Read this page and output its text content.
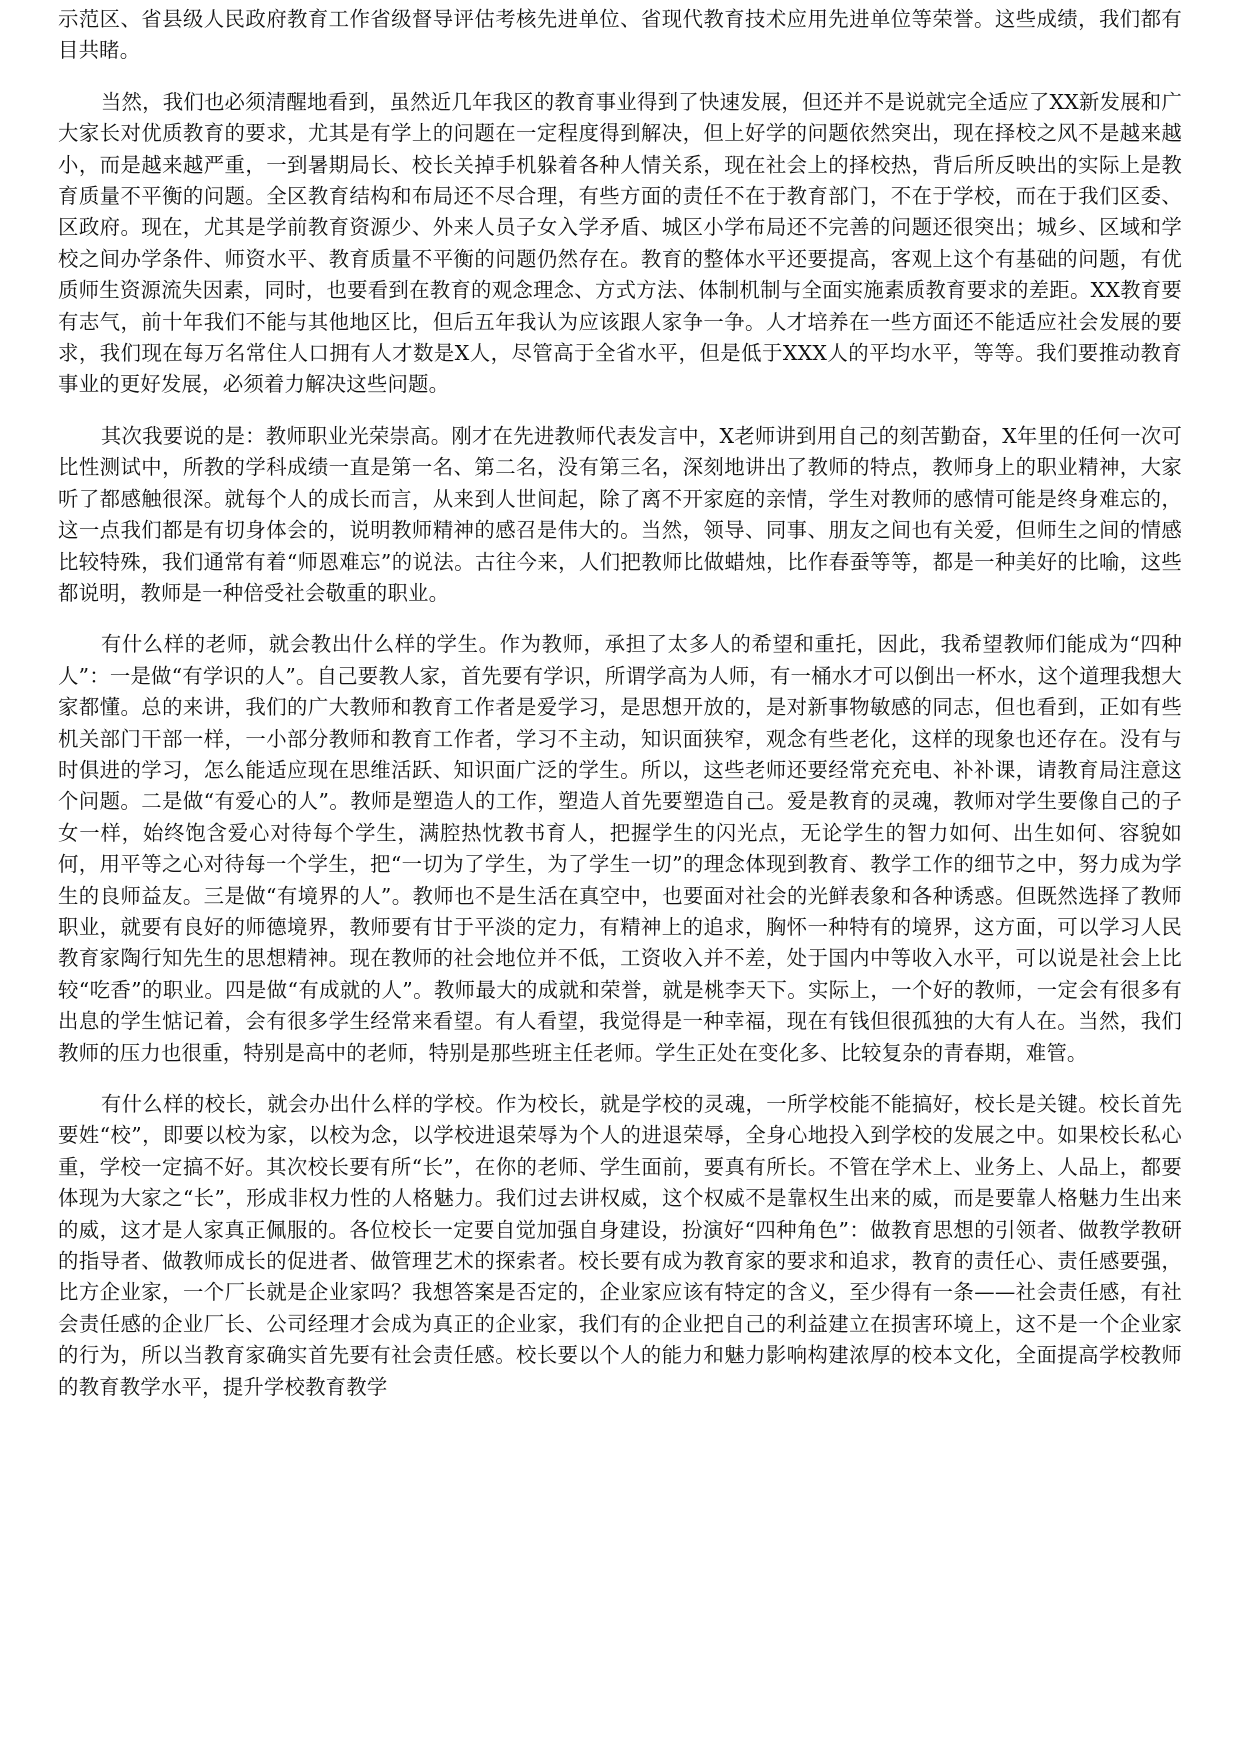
示范区、省县级人民政府教育工作省级督导评估考核先进单位、省现代教育技术应用先进单位等荣誉。这些成绩，我们都有目共睹。

当然，我们也必须清醒地看到，虽然近几年我区的教育事业得到了快速发展，但还并不是说就完全适应了XX新发展和广大家长对优质教育的要求，尤其是有学上的问题在一定程度得到解决，但上好学的问题依然突出，现在择校之风不是越来越小，而是越来越严重，一到暑期局长、校长关掉手机躲着各种人情关系，现在社会上的择校热，背后所反映出的实际上是教育质量不平衡的问题。全区教育结构和布局还不尽合理，有些方面的责任不在于教育部门，不在于学校，而在于我们区委、区政府。现在，尤其是学前教育资源少、外来人员子女入学矛盾、城区小学布局还不完善的问题还很突出；城乡、区域和学校之间办学条件、师资水平、教育质量不平衡的问题仍然存在。教育的整体水平还要提高，客观上这个有基础的问题，有优质师生资源流失因素，同时，也要看到在教育的观念理念、方式方法、体制机制与全面实施素质教育要求的差距。XX教育要有志气，前十年我们不能与其他地区比，但后五年我认为应该跟人家争一争。人才培养在一些方面还不能适应社会发展的要求，我们现在每万名常住人口拥有人才数是X人，尽管高于全省水平，但是低于XXX人的平均水平，等等。我们要推动教育事业的更好发展，必须着力解决这些问题。

其次我要说的是：教师职业光荣崇高。刚才在先进教师代表发言中，X老师讲到用自己的刻苦勤奋，X年里的任何一次可比性测试中，所教的学科成绩一直是第一名、第二名，没有第三名，深刻地讲出了教师的特点，教师身上的职业精神，大家听了都感触很深。就每个人的成长而言，从来到人世间起，除了离不开家庭的亲情，学生对教师的感情可能是终身难忘的，这一点我们都是有切身体会的，说明教师精神的感召是伟大的。当然，领导、同事、朋友之间也有关爱，但师生之间的情感比较特殊，我们通常有着“师恩难忘”的说法。古往今来，人们把教师比做蜡烛，比作春蚕等等，都是一种美好的比喻，这些都说明，教师是一种倍受社会敬重的职业。

有什么样的老师，就会教出什么样的学生。作为教师，承担了太多人的希望和重托，因此，我希望教师们能成为“四种人”：一是做“有学识的人”。自己要教人家，首先要有学识，所谓学高为人师，有一桶水才可以倒出一杯水，这个道理我想大家都懂。总的来讲，我们的广大教师和教育工作者是爱学习，是思想开放的，是对新事物敏感的同志，但也看到，正如有些机关部门干部一样，一小部分教师和教育工作者，学习不主动，知识面狭窄，观念有些老化，这样的现象也还存在。没有与时俱进的学习，怎么能适应现在思维活跃、知识面广泛的学生。所以，这些老师还要经常充充电、补补课，请教育局注意这个问题。二是做“有爱心的人”。教师是塑造人的工作，塑造人首先要塑造自己。爱是教育的灵魂，教师对学生要像自己的子女一样，始终饱含爱心对待每个学生，满腔热忱教书育人，把握学生的闪光点，无论学生的智力如何、出生如何、容貌如何，用平等之心对待每一个学生，把“一切为了学生，为了学生一切”的理念体现到教育、教学工作的细节之中，努力成为学生的良师益友。三是做“有境界的人”。教师也不是生活在真空中，也要面对社会的光鲜表象和各种诱惑。但既然选择了教师职业，就要有良好的师德境界，教师要有甘于平淡的定力，有精神上的追求，胸怀一种特有的境界，这方面，可以学习人民教育家陶行知先生的思想精神。现在教师的社会地位并不低，工资收入并不差，处于国内中等收入水平，可以说是社会上比较“吃香”的职业。四是做“有成就的人”。教师最大的成就和荣誉，就是桃李天下。实际上，一个好的教师，一定会有很多有出息的学生惦记着，会有很多学生经常来看望。有人看望，我觉得是一种幸福，现在有钱但很孤独的大有人在。当然，我们教师的压力也很重，特别是高中的老师，特别是那些班主任老师。学生正处在变化多、比较复杂的青春期，难管。

有什么样的校长，就会办出什么样的学校。作为校长，就是学校的灵魂，一所学校能不能搞好，校长是关键。校长首先要姓“校”，即要以校为家，以校为念，以学校进退荣辱为个人的进退荣辱，全身心地投入到学校的发展之中。如果校长私心重，学校一定搞不好。其次校长要有所“长”，在你的老师、学生面前，要真有所长。不管在学术上、业务上、人品上，都要体现为大家之“长”，形成非权力性的人格魅力。我们过去讲权威，这个权威不是靠权生出来的威，而是要靠人格魅力生出来的威，这才是人家真正佩服的。各位校长一定要自觉加强自身建设，扮演好“四种角色”：做教育思想的引领者、做教学教研的指导者、做教师成长的促进者、做管理艺术的探索者。校长要有成为教育家的要求和追求，教育的责任心、责任感要强，比方企业家，一个厂长就是企业家吗？我想答案是否定的，企业家应该有特定的含义，至少得有一条——社会责任感，有社会责任感的企业厂长、公司经理才会成为真正的企业家，我们有的企业把自己的利益建立在损害环境上，这不是一个企业家的行为，所以当教育家确实首先要有社会责任感。校长要以个人的能力和魅力影响构建浓厚的校本文化，全面提高学校教师的教育教学水平，提升学校教育教学
